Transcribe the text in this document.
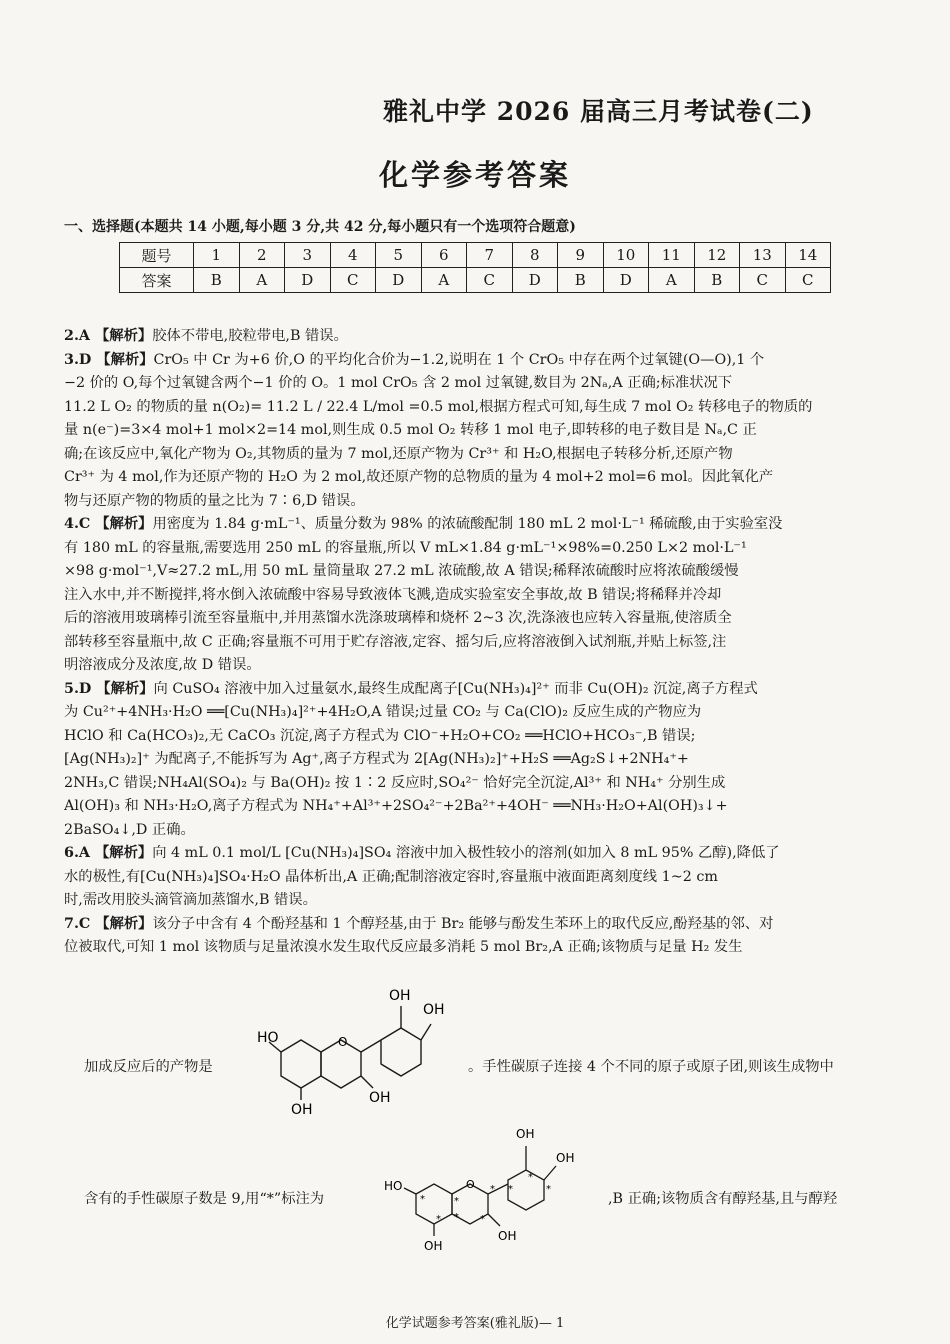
雅礼中学 2026 届高三月考试卷(二)
化学参考答案
一、选择题(本题共 14 小题,每小题 3 分,共 42 分,每小题只有一个选项符合题意)
题号	1	2	3	4	5	6	7	8	9	10	11	12	13	14
答案	B	A	D	C	D	A	C	D	B	D	A	B	C	C
2.A 【解析】胶体不带电,胶粒带电,B 错误。
3.D 【解析】CrO₅ 中 Cr 为+6 价,O 的平均化合价为−1.2,说明在 1 个 CrO₅ 中存在两个过氧键(O—O),1 个
−2 价的 O,每个过氧键含两个−1 价的 O。1 mol CrO₅ 含 2 mol 过氧键,数目为 2Nₐ,A 正确;标准状况下
11.2 L O₂ 的物质的量 n(O₂)= 11.2 L / 22.4 L/mol =0.5 mol,根据方程式可知,每生成 7 mol O₂ 转移电子的物质的
量 n(e⁻)=3×4 mol+1 mol×2=14 mol,则生成 0.5 mol O₂ 转移 1 mol 电子,即转移的电子数目是 Nₐ,C 正
确;在该反应中,氧化产物为 O₂,其物质的量为 7 mol,还原产物为 Cr³⁺ 和 H₂O,根据电子转移分析,还原产物
Cr³⁺ 为 4 mol,作为还原产物的 H₂O 为 2 mol,故还原产物的总物质的量为 4 mol+2 mol=6 mol。因此氧化产
物与还原产物的物质的量之比为 7∶6,D 错误。
4.C 【解析】用密度为 1.84 g·mL⁻¹、质量分数为 98% 的浓硫酸配制 180 mL 2 mol·L⁻¹ 稀硫酸,由于实验室没
有 180 mL 的容量瓶,需要选用 250 mL 的容量瓶,所以 V mL×1.84 g·mL⁻¹×98%=0.250 L×2 mol·L⁻¹
×98 g·mol⁻¹,V≈27.2 mL,用 50 mL 量筒量取 27.2 mL 浓硫酸,故 A 错误;稀释浓硫酸时应将浓硫酸缓慢
注入水中,并不断搅拌,将水倒入浓硫酸中容易导致液体飞溅,造成实验室安全事故,故 B 错误;将稀释并冷却
后的溶液用玻璃棒引流至容量瓶中,并用蒸馏水洗涤玻璃棒和烧杯 2~3 次,洗涤液也应转入容量瓶,使溶质全
部转移至容量瓶中,故 C 正确;容量瓶不可用于贮存溶液,定容、摇匀后,应将溶液倒入试剂瓶,并贴上标签,注
明溶液成分及浓度,故 D 错误。
5.D 【解析】向 CuSO₄ 溶液中加入过量氨水,最终生成配离子[Cu(NH₃)₄]²⁺ 而非 Cu(OH)₂ 沉淀,离子方程式
为 Cu²⁺+4NH₃·H₂O ══[Cu(NH₃)₄]²⁺+4H₂O,A 错误;过量 CO₂ 与 Ca(ClO)₂ 反应生成的产物应为
HClO 和 Ca(HCO₃)₂,无 CaCO₃ 沉淀,离子方程式为 ClO⁻+H₂O+CO₂ ══HClO+HCO₃⁻,B 错误;
[Ag(NH₃)₂]⁺ 为配离子,不能拆写为 Ag⁺,离子方程式为 2[Ag(NH₃)₂]⁺+H₂S ══Ag₂S↓+2NH₄⁺+
2NH₃,C 错误;NH₄Al(SO₄)₂ 与 Ba(OH)₂ 按 1∶2 反应时,SO₄²⁻ 恰好完全沉淀,Al³⁺ 和 NH₄⁺ 分别生成
Al(OH)₃ 和 NH₃·H₂O,离子方程式为 NH₄⁺+Al³⁺+2SO₄²⁻+2Ba²⁺+4OH⁻ ══NH₃·H₂O+Al(OH)₃↓+
2BaSO₄↓,D 正确。
6.A 【解析】向 4 mL 0.1 mol/L [Cu(NH₃)₄]SO₄ 溶液中加入极性较小的溶剂(如加入 8 mL 95% 乙醇),降低了
水的极性,有[Cu(NH₃)₄]SO₄·H₂O 晶体析出,A 正确;配制溶液定容时,容量瓶中液面距离刻度线 1~2 cm
时,需改用胶头滴管滴加蒸馏水,B 错误。
7.C 【解析】该分子中含有 4 个酚羟基和 1 个醇羟基,由于 Br₂ 能够与酚发生苯环上的取代反应,酚羟基的邻、对
位被取代,可知 1 mol 该物质与足量浓溴水发生取代反应最多消耗 5 mol Br₂,A 正确;该物质与足量 H₂ 发生
加成反应后的产物是
HO	O
OH
OH
OH
OH
。手性碳原子连接 4 个不同的原子或原子团,则该生成物中
含有的手性碳原子数是 9,用“*”标注为
HO	O
OH
OH
OH
OH
*	*
*
*	*
* *
*
*
,B 正确;该物质含有醇羟基,且与醇羟
化学试题参考答案(雅礼版)— 1
